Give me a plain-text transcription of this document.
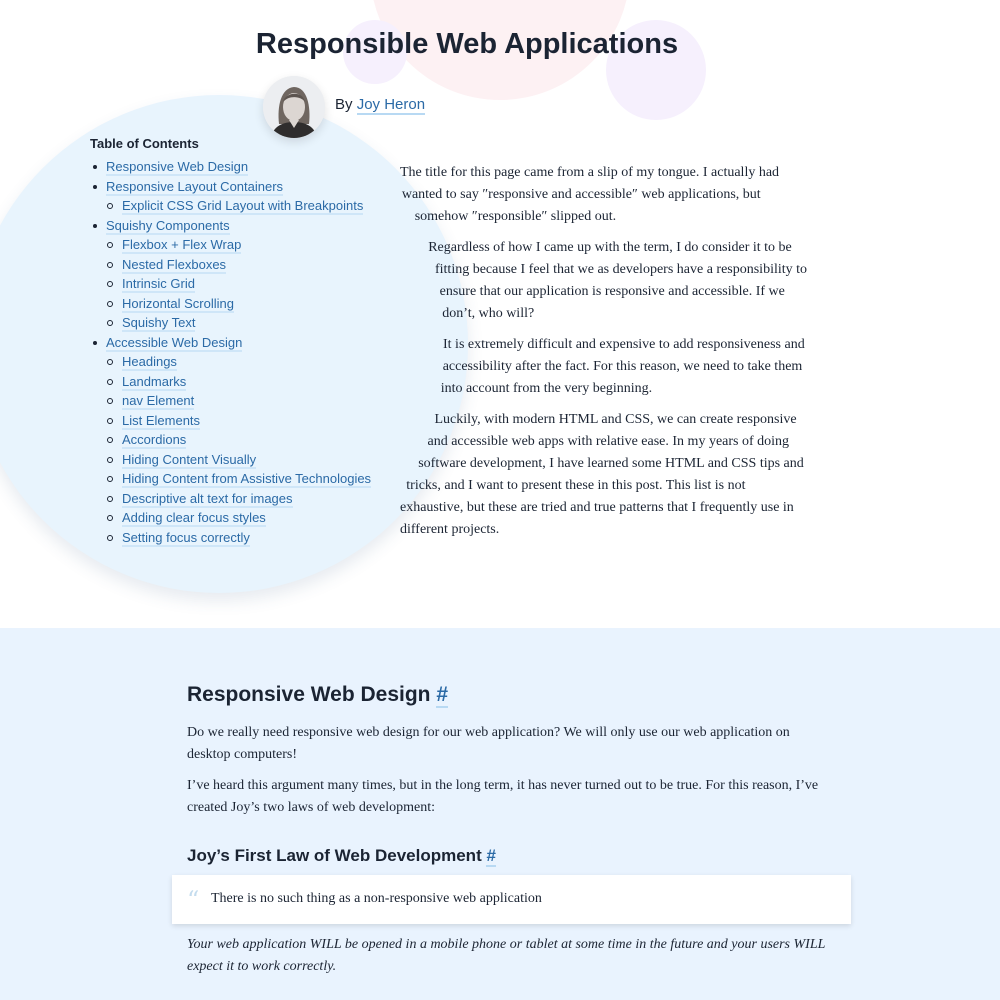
Responsible Web Applications
By Joy Heron
Table of Contents
Responsive Web Design
Responsive Layout Containers
Explicit CSS Grid Layout with Breakpoints
Squishy Components
Flexbox + Flex Wrap
Nested Flexboxes
Intrinsic Grid
Horizontal Scrolling
Squishy Text
Accessible Web Design
Headings
Landmarks
nav Element
List Elements
Accordions
Hiding Content Visually
Hiding Content from Assistive Technologies
Descriptive alt text for images
Adding clear focus styles
Setting focus correctly

The title for this page came from a slip of my tongue. I actually had wanted to say ″responsive and accessible″ web applications, but somehow ″responsible″ slipped out.

Regardless of how I came up with the term, I do consider it to be fitting because I feel that we as developers have a responsibility to ensure that our application is responsive and accessible. If we don’t, who will?

It is extremely difficult and expensive to add responsiveness and accessibility after the fact. For this reason, we need to take them into account from the very beginning.

Luckily, with modern HTML and CSS, we can create responsive and accessible web apps with relative ease. In my years of doing software development, I have learned some HTML and CSS tips and tricks, and I want to present these in this post. This list is not exhaustive, but these are tried and true patterns that I frequently use in different projects.

Responsive Web Design #

Do we really need responsive web design for our web application? We will only use our web application on desktop computers!

I’ve heard this argument many times, but in the long term, it has never turned out to be true. For this reason, I’ve created Joy’s two laws of web development:

Joy’s First Law of Web Development #
“ There is no such thing as a non-responsive web application

Your web application WILL be opened in a mobile phone or tablet at some time in the future and your users WILL expect it to work correctly.
